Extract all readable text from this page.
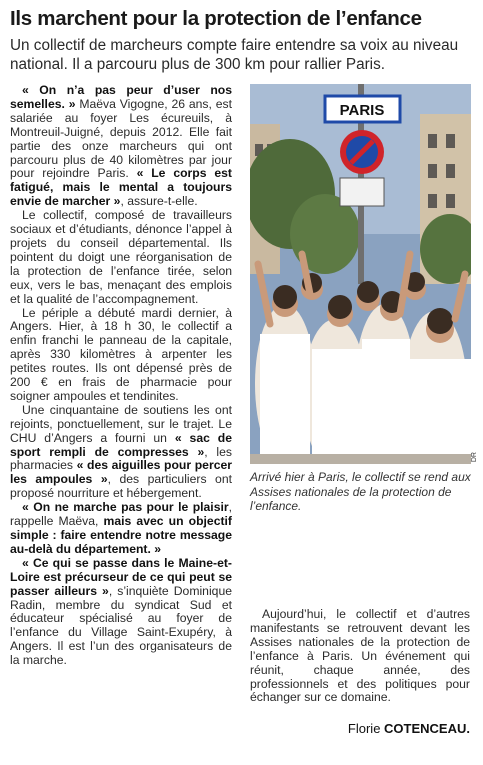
Ils marchent pour la protection de l’enfance
Un collectif de marcheurs compte faire entendre sa voix au niveau national. Il a parcouru plus de 300 km pour rallier Paris.

« On n’a pas peur d’user nos semelles. » Maëva Vigogne, 26 ans, est salariée au foyer Les écureuils, à Montreuil-Juigné, depuis 2012. Elle fait partie des onze marcheurs qui ont parcouru plus de 40 kilomètres par jour pour rejoindre Paris. « Le corps est fatigué, mais le mental a toujours envie de marcher », assure-t-elle.

Le collectif, composé de travailleurs sociaux et d’étudiants, dénonce l’appel à projets du conseil départemental. Ils pointent du doigt une réorganisation de la protection de l’enfance tirée, selon eux, vers le bas, menaçant des emplois et la qualité de l’accompagnement.

Le périple a débuté mardi dernier, à Angers. Hier, à 18 h 30, le collectif a enfin franchi le panneau de la capitale, après 330 kilomètres à arpenter les petites routes. Ils ont dépensé près de 200 € en frais de pharmacie pour soigner ampoules et tendinites.

Une cinquantaine de soutiens les ont rejoints, ponctuellement, sur le trajet. Le CHU d’Angers a fourni un « sac de sport rempli de compresses », les pharmacies « des aiguilles pour percer les ampoules », des particuliers ont proposé nourriture et hébergement.

« On ne marche pas pour le plaisir, rappelle Maëva, mais avec un objectif simple : faire entendre notre message au-delà du département. »

« Ce qui se passe dans le Maine-et-Loire est précurseur de ce qui peut se passer ailleurs », s’inquiète Dominique Radin, membre du syndicat Sud et éducateur spécialisé au foyer de l’enfance du Village Saint-Exupéry, à Angers. Il est l’un des organisateurs de la marche.

PARIS
DR
Arrivé hier à Paris, le collectif se rend aux Assises nationales de la protection de l’enfance.

Aujourd’hui, le collectif et d’autres manifestants se retrouvent devant les Assises nationales de la protection de l’enfance à Paris. Un événement qui réunit, chaque année, des professionnels et des politiques pour échanger sur ce domaine.

Florie COTENCEAU.
